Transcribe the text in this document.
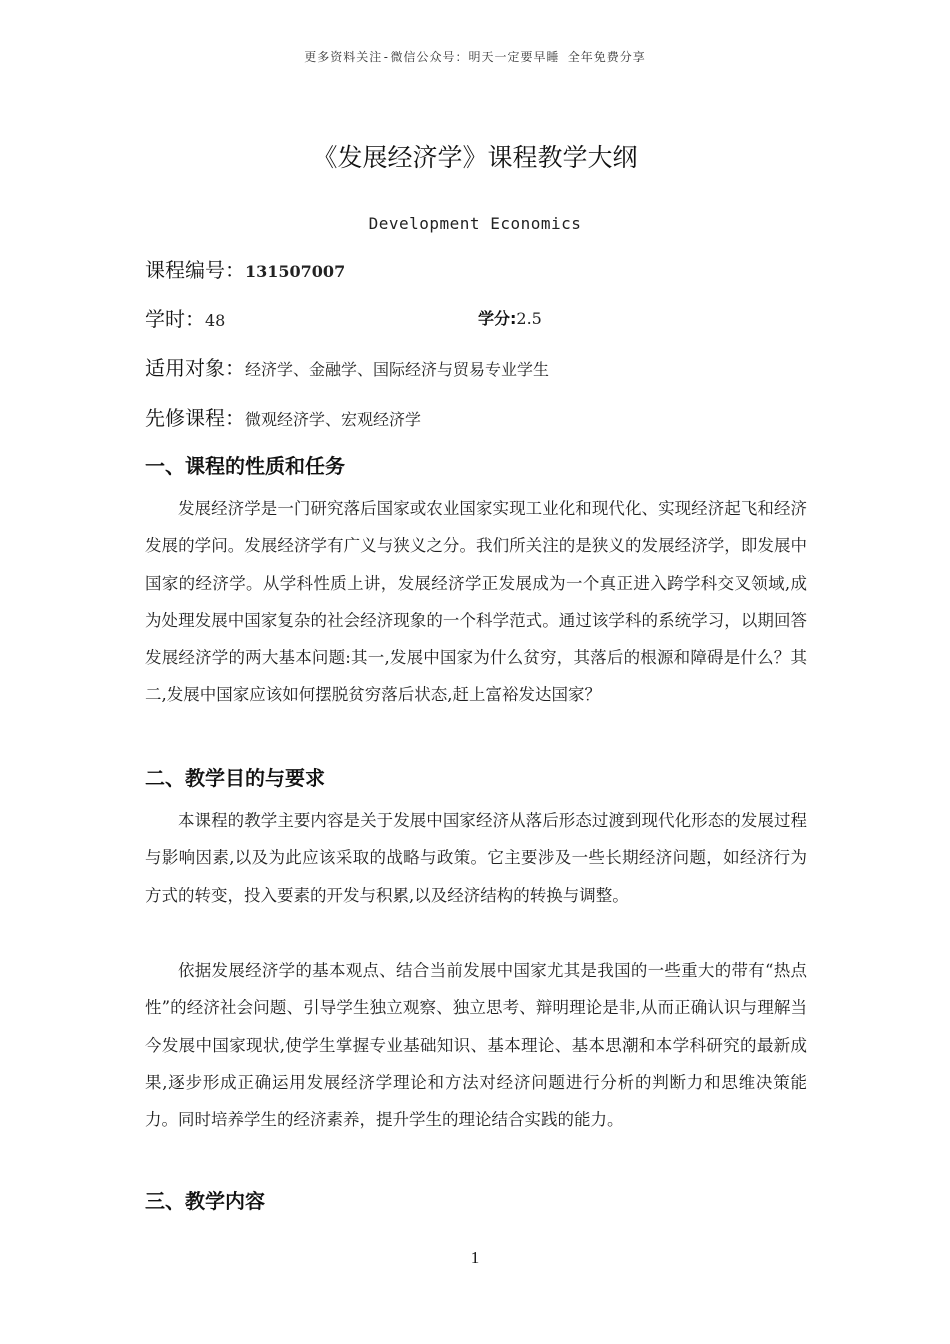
更多资料关注-微信公众号：明天一定要早睡 全年免费分享
《发展经济学》课程教学大纲
Development Economics
课程编号：131507007
学时：48	学分:2.5
适用对象：经济学、金融学、国际经济与贸易专业学生
先修课程：微观经济学、宏观经济学
一、课程的性质和任务

发展经济学是一门研究落后国家或农业国家实现工业化和现代化、实现经济起飞和经济发展的学问。发展经济学有广义与狭义之分。我们所关注的是狭义的发展经济学，即发展中国家的经济学。从学科性质上讲，发展经济学正发展成为一个真正进入跨学科交叉领域,成为处理发展中国家复杂的社会经济现象的一个科学范式。通过该学科的系统学习，以期回答发展经济学的两大基本问题:其一,发展中国家为什么贫穷，其落后的根源和障碍是什么？其二,发展中国家应该如何摆脱贫穷落后状态,赶上富裕发达国家？

二、教学目的与要求

本课程的教学主要内容是关于发展中国家经济从落后形态过渡到现代化形态的发展过程与影响因素,以及为此应该采取的战略与政策。它主要涉及一些长期经济问题，如经济行为方式的转变，投入要素的开发与积累,以及经济结构的转换与调整。

依据发展经济学的基本观点、结合当前发展中国家尤其是我国的一些重大的带有“热点性”的经济社会问题、引导学生独立观察、独立思考、辩明理论是非,从而正确认识与理解当今发展中国家现状,使学生掌握专业基础知识、基本理论、基本思潮和本学科研究的最新成果,逐步形成正确运用发展经济学理论和方法对经济问题进行分析的判断力和思维决策能力。同时培养学生的经济素养，提升学生的理论结合实践的能力。

三、教学内容
1
